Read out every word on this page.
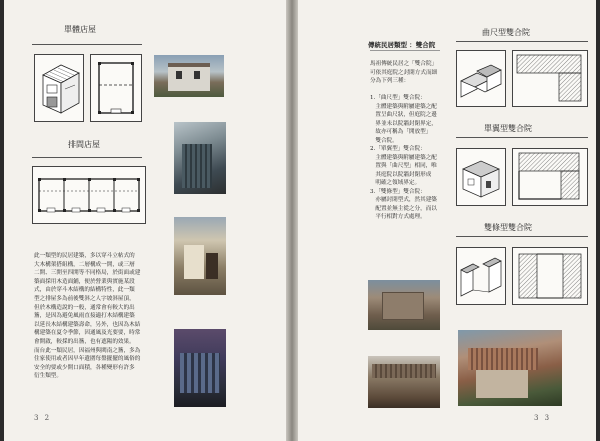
單體店屋
排間店屋
此一類型的民居建築，多以穿斗立帖式的
大木構架搭組構，二層構成一開，或三層
二開、三開至四開等不同格局，於街面或建
築面採用木造面鋪，便於營業與實施某段
式，由於穿斗木結構的結構特性，此一類
型之排屋多為前後雙斜之人字坡斜屋頂，
但於木構造說的一般，通常會有較大的出
簷，是因為避免風雨直接適打木結構建築
以延長木結構建築壽命，另外，也因為木結
構建築在夏令季節，因通風及光要要，時常
會開啟，較採的出簷，也有遮陽的效果。
而台此一類民居，因福州與閩南之簷，多為
住家使用或者因早年遺圍每盤擺擺的風俗的
安全的要或少開口面積，各種變形有許多
衍生類型。
3 2
傳統民居類型 ：雙合院
馬祖傳統民居之「雙合院」
可依其庭院之封閉方式而細
分為下列三種：

1.「曲尺型」雙合院：
主體建築與附屬建築之配
置呈曲尺狀，但庭院之邊
界並未以院牆封閉界定，
故亦可稱為「開放型」
雙合院。
2.「單翼型」雙合院：
主體建築與附屬建築之配
置與「曲尺型」相同，唯
其庭院以院牆封閉形成
明確之領域界定。
3.「雙條型」雙合院：
亦屬封閉型式，然其建築
配置並無主從之分，而以
平行相對方式處理。
曲尺型雙合院
單翼型雙合院
雙條型雙合院
3 3
